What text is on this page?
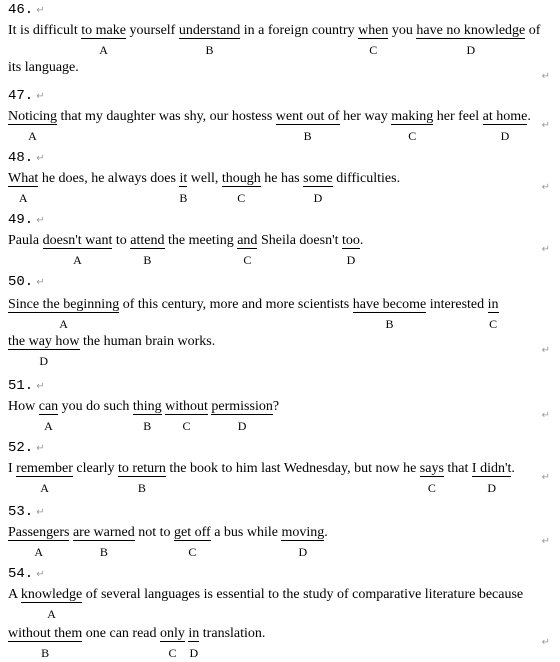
46. ↵
It is difficult to make
A
yourself understand
B
in a foreign country when
C
you have no knowledge
D
of
its language.
↵
47. ↵
Noticing
A
that my daughter was shy, our hostess went out of
B
her way making
C
her feel at home
D
.
↵
48. ↵
What
A
he does, he always does $\frac{it}{B}$ well, though
C
he has some
D
difficulties.
↵
49. ↵
Paula doesn't want
A
to attend
B
the meeting and
C
Sheila doesn't too
D
.
↵
50. ↵
Since the beginning
A
of this century, more and more scientists have become
B
interested $\frac{in}{C}$
the way how
D
the human brain works.
↵
51. ↵
How can
A
you do such thing
B
without
C
permission
D
?
↵
52. ↵
I remember
A
clearly to return
B
the book to him last Wednesday, but now he says
C
that I didn't
D
.
↵
53. ↵
Passengers
A
are warned
B
not to get off
C
a bus while moving
D
.
↵
54. ↵
A knowledge
A
of several languages is essential to the study of comparative literature because
without them
B
one can read only
C
$\frac{in}{D}$ translation.
↵
